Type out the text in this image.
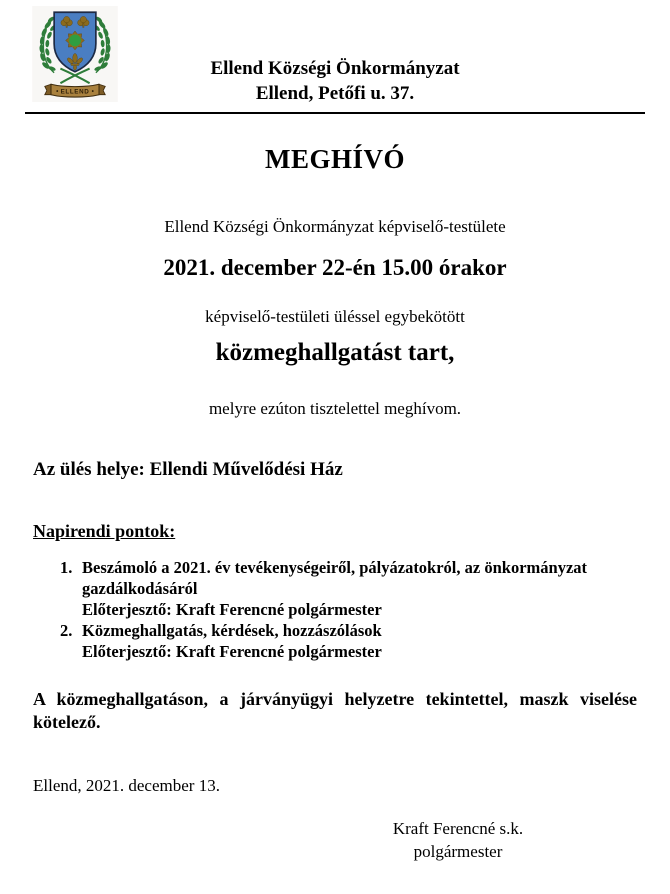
ELLEND
Ellend Községi Önkormányzat
Ellend, Petőfi u. 37.
MEGHÍVÓ

Ellend Községi Önkormányzat képviselő-testülete

2021. december 22-én 15.00 órakor

képviselő-testületi üléssel egybekötött

közmeghallgatást tart,

melyre ezúton tisztelettel meghívom.

Az ülés helye: Ellendi Művelődési Ház

Napirendi pontok:

1. Beszámoló a 2021. év tevékenységeiről, pályázatokról, az önkormányzat gazdálkodásáról
Előterjesztő: Kraft Ferencné polgármester
2. Közmeghallgatás, kérdések, hozzászólások
Előterjesztő: Kraft Ferencné polgármester

A közmeghallgatáson, a járványügyi helyzetre tekintettel, maszk viselése kötelező.

Ellend, 2021. december 13.

Kraft Ferencné s.k.
polgármester
